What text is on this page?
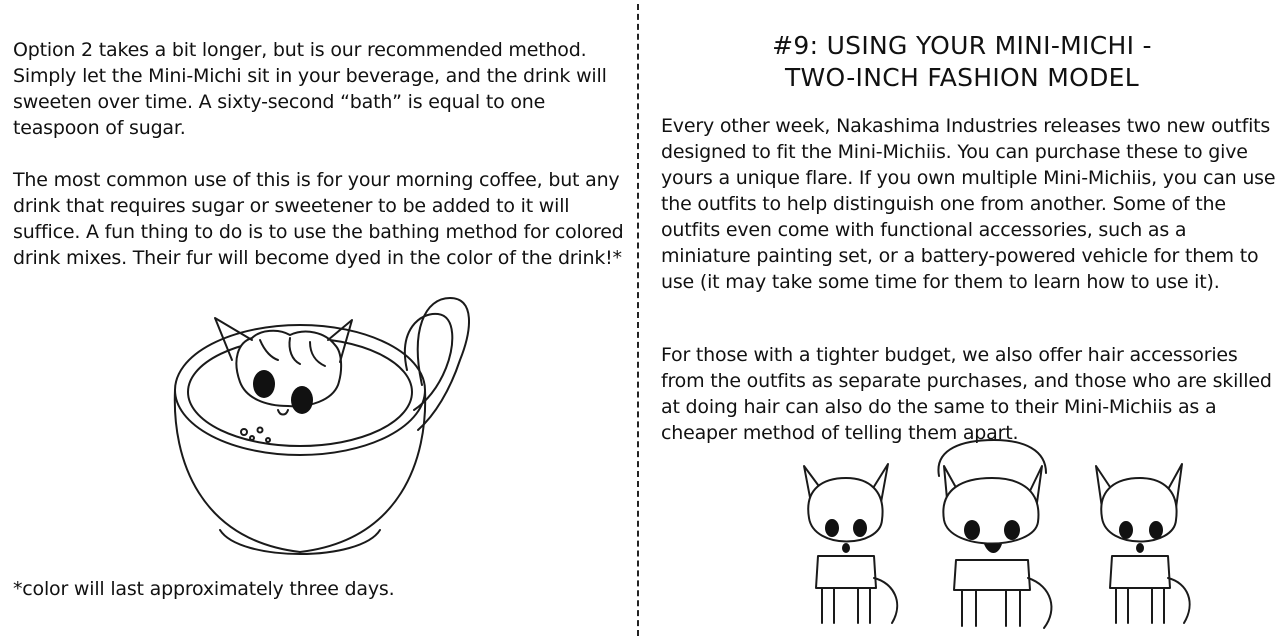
Option 2 takes a bit longer, but is our recommended method. Simply let the Mini-Michi sit in your beverage, and the drink will sweeten over time. A sixty-second “bath” is equal to one teaspoon of sugar.

The most common use of this is for your morning coffee, but any drink that requires sugar or sweetener to be added to it will suffice. A fun thing to do is to use the bathing method for colored drink mixes. Their fur will become dyed in the color of the drink!*

*color will last approximately three days.

#9: USING YOUR MINI-MICHI -
TWO-INCH FASHION MODEL

Every other week, Nakashima Industries releases two new outfits designed to fit the Mini-Michiis. You can purchase these to give yours a unique flare. If you own multiple Mini-Michiis, you can use the outfits to help distinguish one from another. Some of the outfits even come with functional accessories, such as a miniature painting set, or a battery-powered vehicle for them to use (it may take some time for them to learn how to use it).

For those with a tighter budget, we also offer hair accessories from the outfits as separate purchases, and those who are skilled at doing hair can also do the same to their Mini-Michiis as a cheaper method of telling them apart.
